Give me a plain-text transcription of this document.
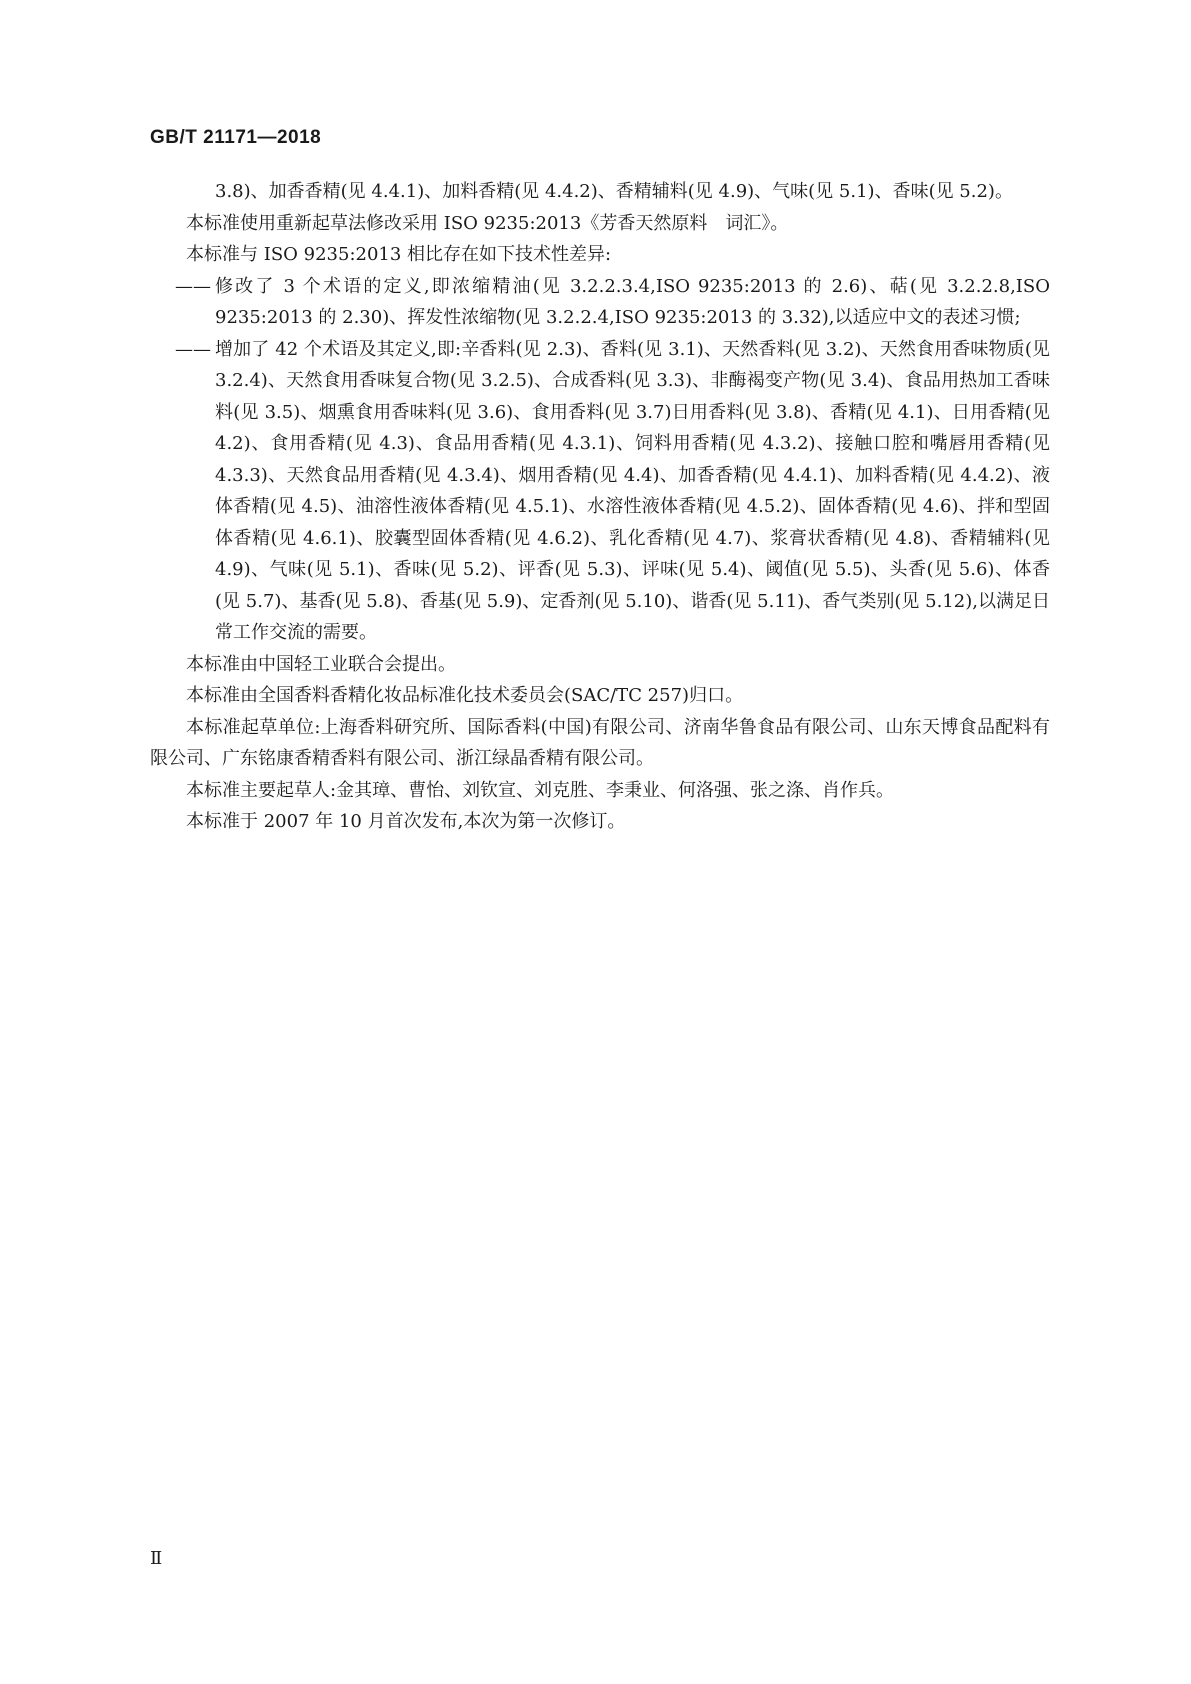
GB/T 21171—2018

3.8)、加香香精(见 4.4.1)、加料香精(见 4.4.2)、香精辅料(见 4.9)、气味(见 5.1)、香味(见 5.2)。

本标准使用重新起草法修改采用 ISO 9235:2013《芳香天然原料　词汇》。

本标准与 ISO 9235:2013 相比存在如下技术性差异:

—— 修改了 3 个术语的定义,即浓缩精油(见 3.2.2.3.4,ISO 9235:2013 的 2.6)、萜(见 3.2.2.8,ISO 9235:2013 的 2.30)、挥发性浓缩物(见 3.2.2.4,ISO 9235:2013 的 3.32),以适应中文的表述习惯;
—— 增加了 42 个术语及其定义,即:辛香料(见 2.3)、香料(见 3.1)、天然香料(见 3.2)、天然食用香味物质(见 3.2.4)、天然食用香味复合物(见 3.2.5)、合成香料(见 3.3)、非酶褐变产物(见 3.4)、食品用热加工香味料(见 3.5)、烟熏食用香味料(见 3.6)、食用香料(见 3.7)日用香料(见 3.8)、香精(见 4.1)、日用香精(见 4.2)、食用香精(见 4.3)、食品用香精(见 4.3.1)、饲料用香精(见 4.3.2)、接触口腔和嘴唇用香精(见 4.3.3)、天然食品用香精(见 4.3.4)、烟用香精(见 4.4)、加香香精(见 4.4.1)、加料香精(见 4.4.2)、液体香精(见 4.5)、油溶性液体香精(见 4.5.1)、水溶性液体香精(见 4.5.2)、固体香精(见 4.6)、拌和型固体香精(见 4.6.1)、胶囊型固体香精(见 4.6.2)、乳化香精(见 4.7)、浆膏状香精(见 4.8)、香精辅料(见 4.9)、气味(见 5.1)、香味(见 5.2)、评香(见 5.3)、评味(见 5.4)、阈值(见 5.5)、头香(见 5.6)、体香(见 5.7)、基香(见 5.8)、香基(见 5.9)、定香剂(见 5.10)、谐香(见 5.11)、香气类别(见 5.12),以满足日常工作交流的需要。

本标准由中国轻工业联合会提出。

本标准由全国香料香精化妆品标准化技术委员会(SAC/TC 257)归口。

本标准起草单位:上海香料研究所、国际香料(中国)有限公司、济南华鲁食品有限公司、山东天博食品配料有限公司、广东铭康香精香料有限公司、浙江绿晶香精有限公司。

本标准主要起草人:金其璋、曹怡、刘钦宣、刘克胜、李秉业、何洛强、张之涤、肖作兵。

本标准于 2007 年 10 月首次发布,本次为第一次修订。

Ⅱ
